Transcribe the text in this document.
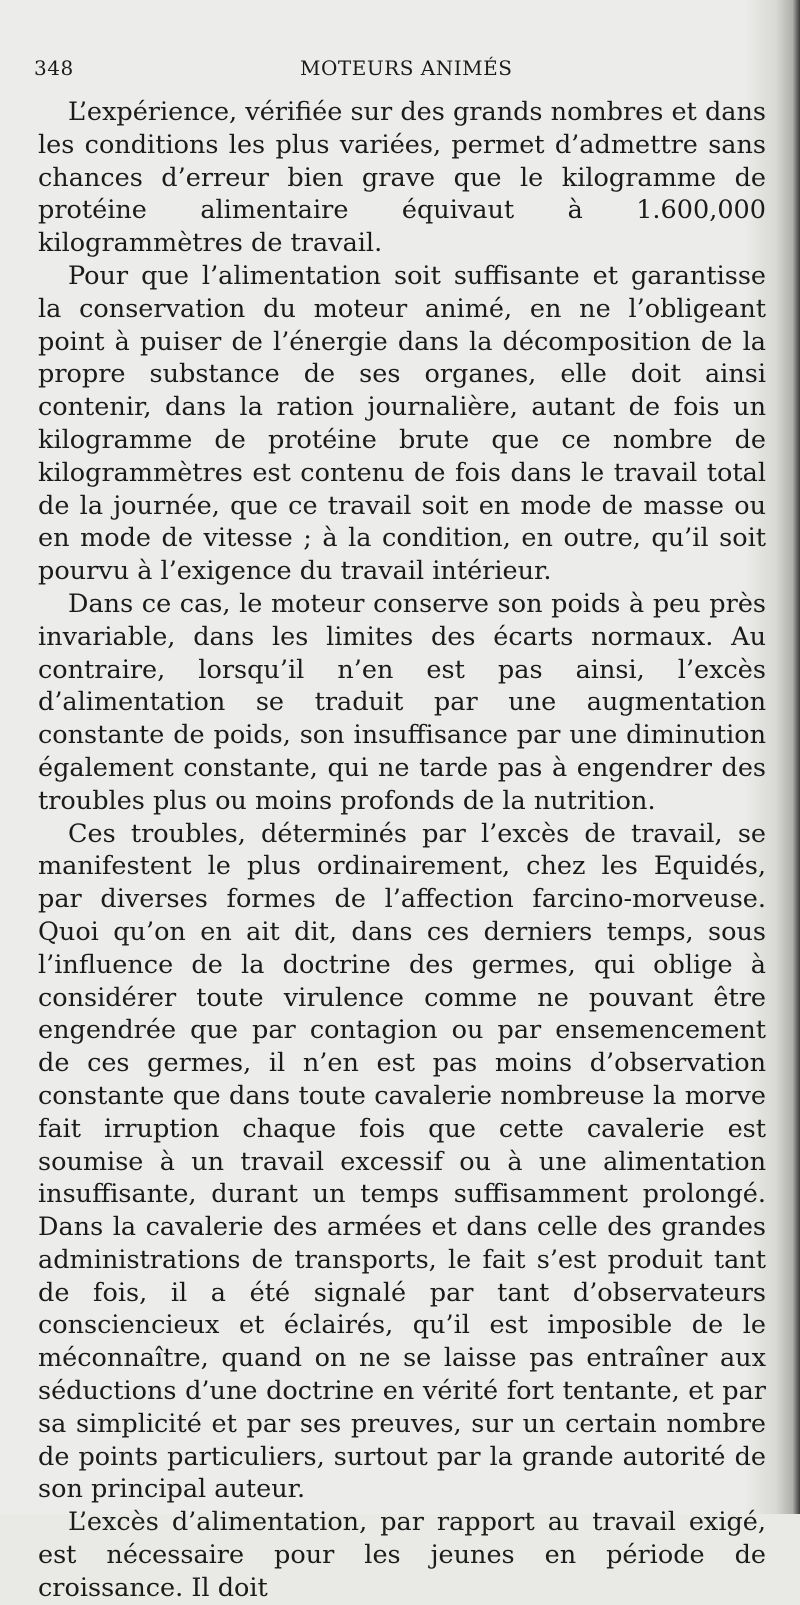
348	MOTEURS ANIMÉS

L’expérience, vérifiée sur des grands nombres et dans les conditions les plus variées, permet d’admettre sans chances d’erreur bien grave que le kilogramme de protéine alimentaire équivaut à 1.600,000 kilogrammètres de travail.

Pour que l’alimentation soit suffisante et garantisse la conservation du moteur animé, en ne l’obligeant point à puiser de l’énergie dans la décomposition de la propre substance de ses organes, elle doit ainsi contenir, dans la ration journalière, autant de fois un kilogramme de protéine brute que ce nombre de kilogrammètres est contenu de fois dans le travail total de la journée, que ce travail soit en mode de masse ou en mode de vitesse ; à la condition, en outre, qu’il soit pourvu à l’exigence du travail intérieur.

Dans ce cas, le moteur conserve son poids à peu près invariable, dans les limites des écarts normaux. Au contraire, lorsqu’il n’en est pas ainsi, l’excès d’alimentation se traduit par une augmentation constante de poids, son insuffisance par une diminution également constante, qui ne tarde pas à engendrer des troubles plus ou moins profonds de la nutrition.

Ces troubles, déterminés par l’excès de travail, se manifestent le plus ordinairement, chez les Equidés, par diverses formes de l’affection farcino-morveuse. Quoi qu’on en ait dit, dans ces derniers temps, sous l’influence de la doctrine des germes, qui oblige à considérer toute virulence comme ne pouvant être engendrée que par contagion ou par ensemencement de ces germes, il n’en est pas moins d’observation constante que dans toute cavalerie nombreuse la morve fait irruption chaque fois que cette cavalerie est soumise à un travail excessif ou à une alimentation insuffisante, durant un temps suffisamment prolongé. Dans la cavalerie des armées et dans celle des grandes administrations de transports, le fait s’est produit tant de fois, il a été signalé par tant d’observateurs consciencieux et éclairés, qu’il est imposible de le méconnaître, quand on ne se laisse pas entraîner aux séductions d’une doctrine en vérité fort tentante, et par sa simplicité et par ses preuves, sur un certain nombre de points particuliers, surtout par la grande autorité de son principal auteur.

L’excès d’alimentation, par rapport au travail exigé, est nécessaire pour les jeunes en période de croissance. Il doit
